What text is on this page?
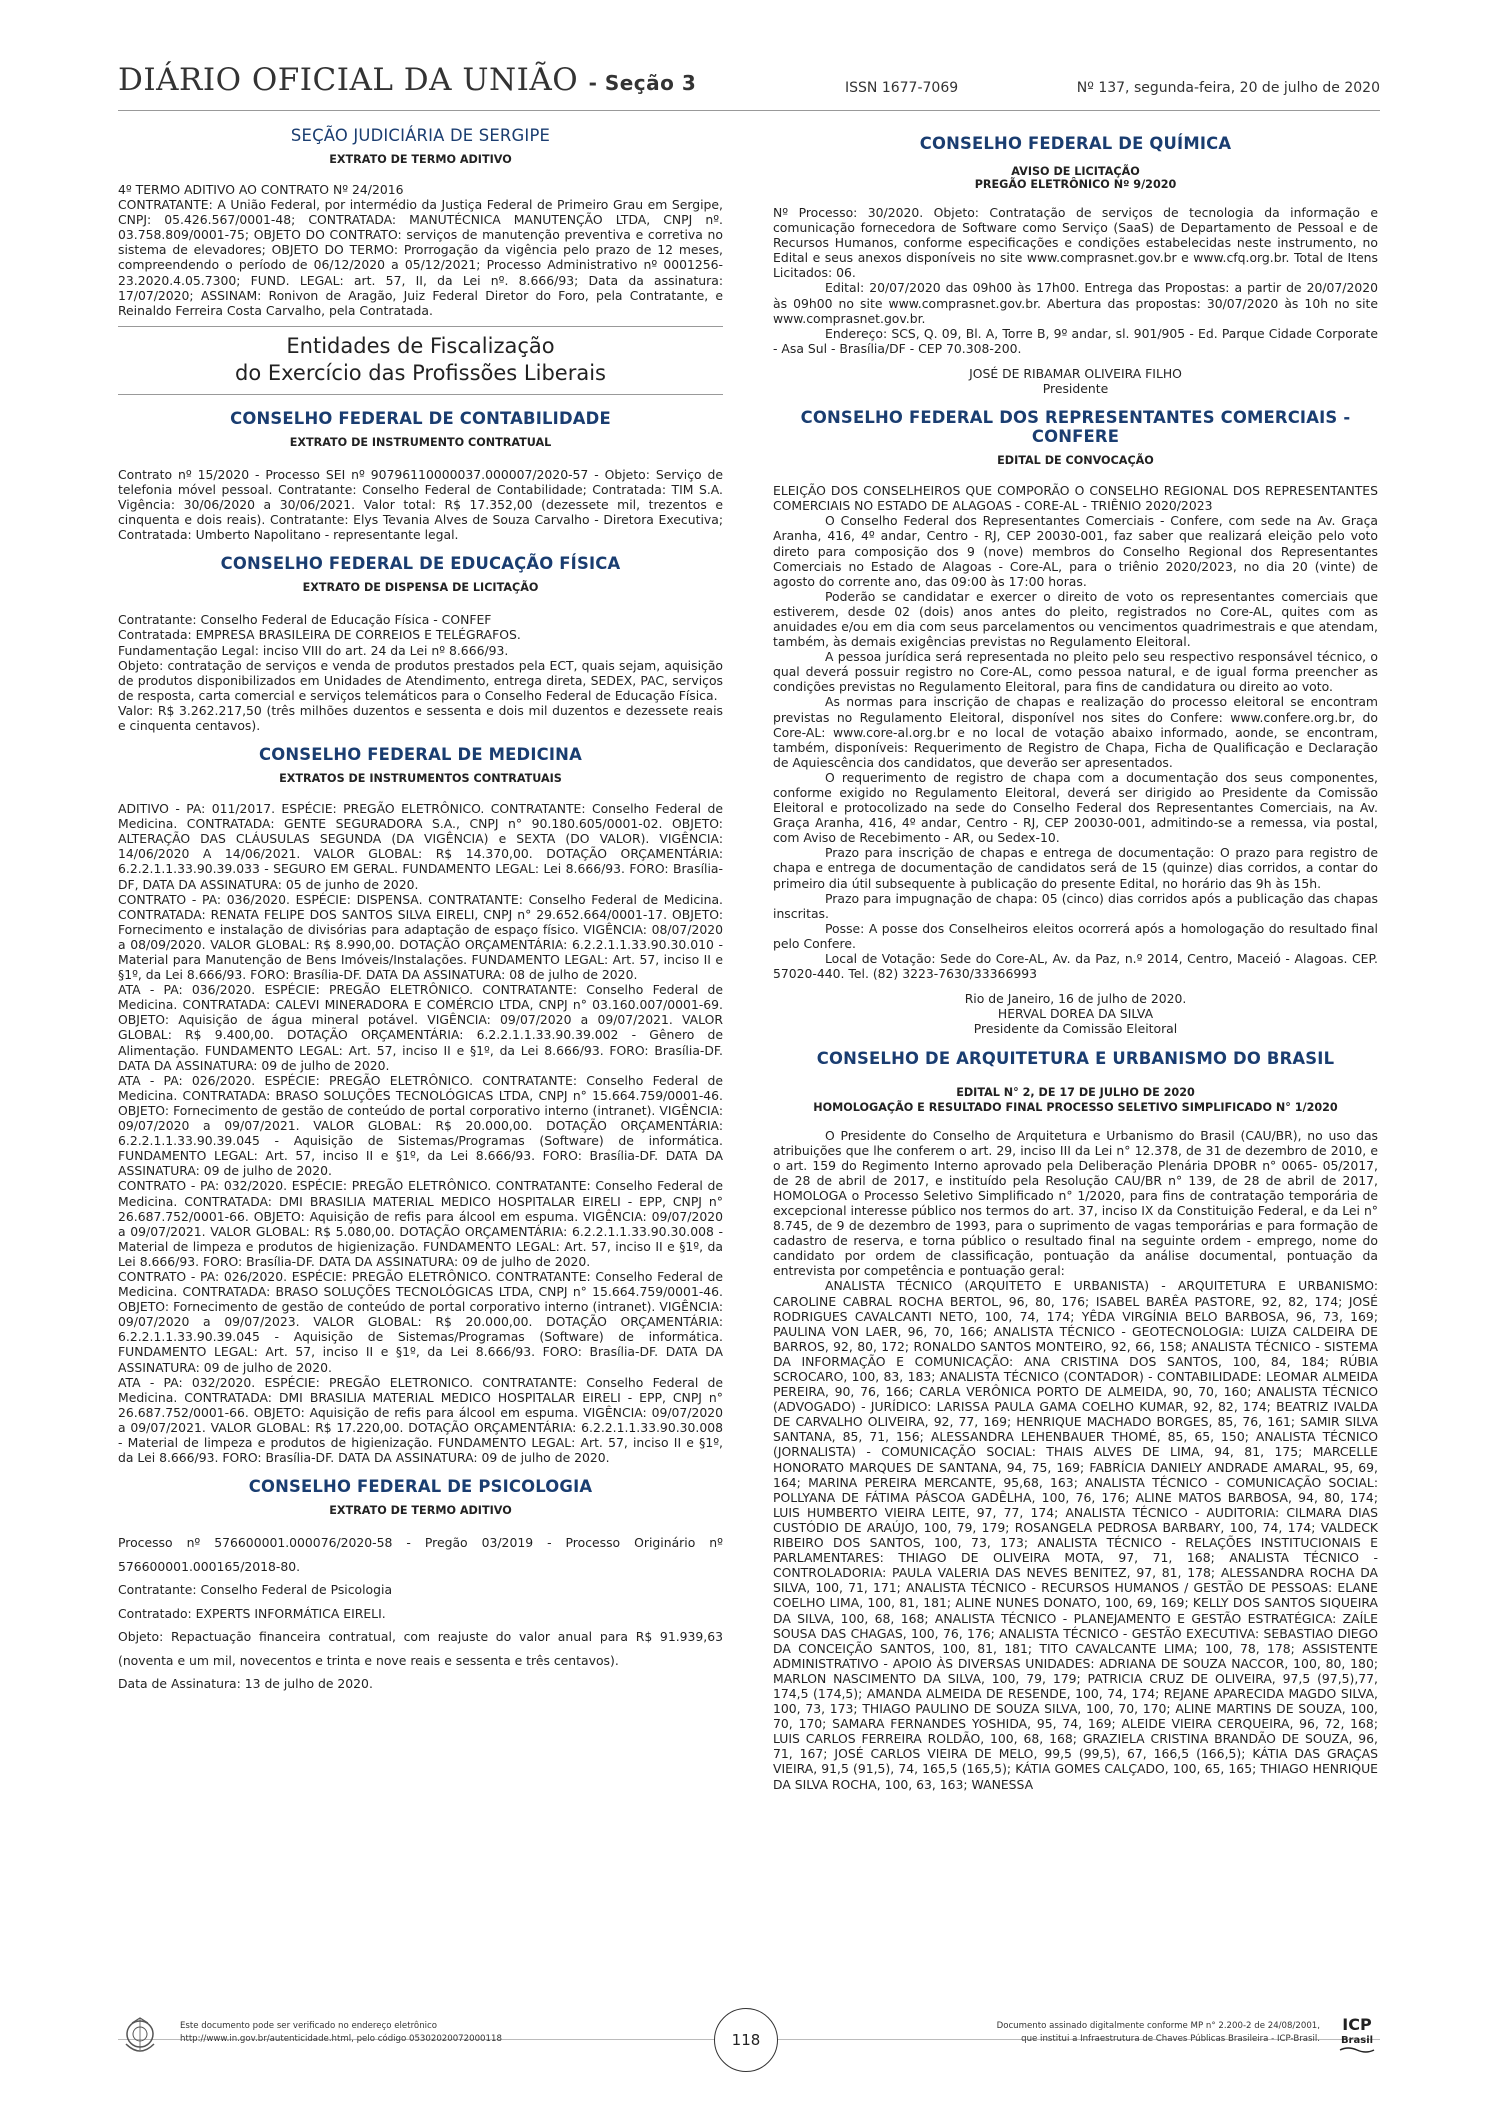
DIÁRIO OFICIAL DA UNIÃO - Seção 3	ISSN 1677-7069	Nº 137, segunda-feira, 20 de julho de 2020
SEÇÃO JUDICIÁRIA DE SERGIPE
EXTRATO DE TERMO ADITIVO

4º TERMO ADITIVO AO CONTRATO Nº 24/2016

CONTRATANTE: A União Federal, por intermédio da Justiça Federal de Primeiro Grau em Sergipe, CNPJ: 05.426.567/0001-48; CONTRATADA: MANUTÉCNICA MANUTENÇÃO LTDA, CNPJ nº. 03.758.809/0001-75; OBJETO DO CONTRATO: serviços de manutenção preventiva e corretiva no sistema de elevadores; OBJETO DO TERMO: Prorrogação da vigência pelo prazo de 12 meses, compreendendo o período de 06/12/2020 a 05/12/2021; Processo Administrativo nº 0001256-23.2020.4.05.7300; FUND. LEGAL: art. 57, II, da Lei nº. 8.666/93; Data da assinatura: 17/07/2020; ASSINAM: Ronivon de Aragão, Juiz Federal Diretor do Foro, pela Contratante, e Reinaldo Ferreira Costa Carvalho, pela Contratada.

Entidades de Fiscalização
do Exercício das Profissões Liberais
CONSELHO FEDERAL DE CONTABILIDADE
EXTRATO DE INSTRUMENTO CONTRATUAL

Contrato nº 15/2020 - Processo SEI nº 90796110000037.000007/2020-57 - Objeto: Serviço de telefonia móvel pessoal. Contratante: Conselho Federal de Contabilidade; Contratada: TIM S.A. Vigência: 30/06/2020 a 30/06/2021. Valor total: R$ 17.352,00 (dezessete mil, trezentos e cinquenta e dois reais). Contratante: Elys Tevania Alves de Souza Carvalho - Diretora Executiva; Contratada: Umberto Napolitano - representante legal.

CONSELHO FEDERAL DE EDUCAÇÃO FÍSICA
EXTRATO DE DISPENSA DE LICITAÇÃO

Contratante: Conselho Federal de Educação Física - CONFEF

Contratada: EMPRESA BRASILEIRA DE CORREIOS E TELÉGRAFOS.

Fundamentação Legal: inciso VIII do art. 24 da Lei nº 8.666/93.

Objeto: contratação de serviços e venda de produtos prestados pela ECT, quais sejam, aquisição de produtos disponibilizados em Unidades de Atendimento, entrega direta, SEDEX, PAC, serviços de resposta, carta comercial e serviços telemáticos para o Conselho Federal de Educação Física.

Valor: R$ 3.262.217,50 (três milhões duzentos e sessenta e dois mil duzentos e dezessete reais e cinquenta centavos).

CONSELHO FEDERAL DE MEDICINA
EXTRATOS DE INSTRUMENTOS CONTRATUAIS

ADITIVO - PA: 011/2017. ESPÉCIE: PREGÃO ELETRÔNICO. CONTRATANTE: Conselho Federal de Medicina. CONTRATADA: GENTE SEGURADORA S.A., CNPJ n° 90.180.605/0001-02. OBJETO: ALTERAÇÃO DAS CLÁUSULAS SEGUNDA (DA VIGÊNCIA) e SEXTA (DO VALOR). VIGÊNCIA: 14/06/2020 A 14/06/2021. VALOR GLOBAL: R$ 14.370,00. DOTAÇÃO ORÇAMENTÁRIA: 6.2.2.1.1.33.90.39.033 - SEGURO EM GERAL. FUNDAMENTO LEGAL: Lei 8.666/93. FORO: Brasília-DF, DATA DA ASSINATURA: 05 de junho de 2020.

CONTRATO - PA: 036/2020. ESPÉCIE: DISPENSA. CONTRATANTE: Conselho Federal de Medicina. CONTRATADA: RENATA FELIPE DOS SANTOS SILVA EIRELI, CNPJ n° 29.652.664/0001-17. OBJETO: Fornecimento e instalação de divisórias para adaptação de espaço físico. VIGÊNCIA: 08/07/2020 a 08/09/2020. VALOR GLOBAL: R$ 8.990,00. DOTAÇÃO ORÇAMENTÁRIA: 6.2.2.1.1.33.90.30.010 - Material para Manutenção de Bens Imóveis/Instalações. FUNDAMENTO LEGAL: Art. 57, inciso II e §1º, da Lei 8.666/93. FORO: Brasília-DF. DATA DA ASSINATURA: 08 de julho de 2020.

ATA - PA: 036/2020. ESPÉCIE: PREGÃO ELETRÔNICO. CONTRATANTE: Conselho Federal de Medicina. CONTRATADA: CALEVI MINERADORA E COMÉRCIO LTDA, CNPJ n° 03.160.007/0001-69. OBJETO: Aquisição de água mineral potável. VIGÊNCIA: 09/07/2020 a 09/07/2021. VALOR GLOBAL: R$ 9.400,00. DOTAÇÃO ORÇAMENTÁRIA: 6.2.2.1.1.33.90.39.002 - Gênero de Alimentação. FUNDAMENTO LEGAL: Art. 57, inciso II e §1º, da Lei 8.666/93. FORO: Brasília-DF. DATA DA ASSINATURA: 09 de julho de 2020.

ATA - PA: 026/2020. ESPÉCIE: PREGÃO ELETRÔNICO. CONTRATANTE: Conselho Federal de Medicina. CONTRATADA: BRASO SOLUÇÕES TECNOLÓGICAS LTDA, CNPJ n° 15.664.759/0001-46. OBJETO: Fornecimento de gestão de conteúdo de portal corporativo interno (intranet). VIGÊNCIA: 09/07/2020 a 09/07/2021. VALOR GLOBAL: R$ 20.000,00. DOTAÇÃO ORÇAMENTÁRIA: 6.2.2.1.1.33.90.39.045 - Aquisição de Sistemas/Programas (Software) de informática. FUNDAMENTO LEGAL: Art. 57, inciso II e §1º, da Lei 8.666/93. FORO: Brasília-DF. DATA DA ASSINATURA: 09 de julho de 2020.

CONTRATO - PA: 032/2020. ESPÉCIE: PREGÃO ELETRÔNICO. CONTRATANTE: Conselho Federal de Medicina. CONTRATADA: DMI BRASILIA MATERIAL MEDICO HOSPITALAR EIRELI - EPP, CNPJ n° 26.687.752/0001-66. OBJETO: Aquisição de refis para álcool em espuma. VIGÊNCIA: 09/07/2020 a 09/07/2021. VALOR GLOBAL: R$ 5.080,00. DOTAÇÃO ORÇAMENTÁRIA: 6.2.2.1.1.33.90.30.008 - Material de limpeza e produtos de higienização. FUNDAMENTO LEGAL: Art. 57, inciso II e §1º, da Lei 8.666/93. FORO: Brasília-DF. DATA DA ASSINATURA: 09 de julho de 2020.

CONTRATO - PA: 026/2020. ESPÉCIE: PREGÃO ELETRÔNICO. CONTRATANTE: Conselho Federal de Medicina. CONTRATADA: BRASO SOLUÇÕES TECNOLÓGICAS LTDA, CNPJ n° 15.664.759/0001-46. OBJETO: Fornecimento de gestão de conteúdo de portal corporativo interno (intranet). VIGÊNCIA: 09/07/2020 a 09/07/2023. VALOR GLOBAL: R$ 20.000,00. DOTAÇÃO ORÇAMENTÁRIA: 6.2.2.1.1.33.90.39.045 - Aquisição de Sistemas/Programas (Software) de informática. FUNDAMENTO LEGAL: Art. 57, inciso II e §1º, da Lei 8.666/93. FORO: Brasília-DF. DATA DA ASSINATURA: 09 de julho de 2020.

ATA - PA: 032/2020. ESPÉCIE: PREGÃO ELETRONICO. CONTRATANTE: Conselho Federal de Medicina. CONTRATADA: DMI BRASILIA MATERIAL MEDICO HOSPITALAR EIRELI - EPP, CNPJ n° 26.687.752/0001-66. OBJETO: Aquisição de refis para álcool em espuma. VIGÊNCIA: 09/07/2020 a 09/07/2021. VALOR GLOBAL: R$ 17.220,00. DOTAÇÃO ORÇAMENTÁRIA: 6.2.2.1.1.33.90.30.008 - Material de limpeza e produtos de higienização. FUNDAMENTO LEGAL: Art. 57, inciso II e §1º, da Lei 8.666/93. FORO: Brasília-DF. DATA DA ASSINATURA: 09 de julho de 2020.

CONSELHO FEDERAL DE PSICOLOGIA
EXTRATO DE TERMO ADITIVO

Processo nº 576600001.000076/2020-58 - Pregão 03/2019 - Processo Originário nº 576600001.000165/2018-80.

Contratante: Conselho Federal de Psicologia

Contratado: EXPERTS INFORMÁTICA EIRELI.

Objeto: Repactuação financeira contratual, com reajuste do valor anual para R$ 91.939,63 (noventa e um mil, novecentos e trinta e nove reais e sessenta e três centavos).

Data de Assinatura: 13 de julho de 2020.

CONSELHO FEDERAL DE QUÍMICA
AVISO DE LICITAÇÃO
PREGÃO ELETRÔNICO Nº 9/2020

Nº Processo: 30/2020. Objeto: Contratação de serviços de tecnologia da informação e comunicação fornecedora de Software como Serviço (SaaS) de Departamento de Pessoal e de Recursos Humanos, conforme especificações e condições estabelecidas neste instrumento, no Edital e seus anexos disponíveis no site www.comprasnet.gov.br e www.cfq.org.br. Total de Itens Licitados: 06.

Edital: 20/07/2020 das 09h00 às 17h00. Entrega das Propostas: a partir de 20/07/2020 às 09h00 no site www.comprasnet.gov.br. Abertura das propostas: 30/07/2020 às 10h no site www.comprasnet.gov.br.

Endereço: SCS, Q. 09, Bl. A, Torre B, 9º andar, sl. 901/905 - Ed. Parque Cidade Corporate - Asa Sul - Brasília/DF - CEP 70.308-200.

JOSÉ DE RIBAMAR OLIVEIRA FILHO
Presidente
CONSELHO FEDERAL DOS REPRESENTANTES COMERCIAIS - CONFERE
EDITAL DE CONVOCAÇÃO

ELEIÇÃO DOS CONSELHEIROS QUE COMPORÃO O CONSELHO REGIONAL DOS REPRESENTANTES COMERCIAIS NO ESTADO DE ALAGOAS - CORE-AL - TRIÊNIO 2020/2023

O Conselho Federal dos Representantes Comerciais - Confere, com sede na Av. Graça Aranha, 416, 4º andar, Centro - RJ, CEP 20030-001, faz saber que realizará eleição pelo voto direto para composição dos 9 (nove) membros do Conselho Regional dos Representantes Comerciais no Estado de Alagoas - Core-AL, para o triênio 2020/2023, no dia 20 (vinte) de agosto do corrente ano, das 09:00 às 17:00 horas.

Poderão se candidatar e exercer o direito de voto os representantes comerciais que estiverem, desde 02 (dois) anos antes do pleito, registrados no Core-AL, quites com as anuidades e/ou em dia com seus parcelamentos ou vencimentos quadrimestrais e que atendam, também, às demais exigências previstas no Regulamento Eleitoral.

A pessoa jurídica será representada no pleito pelo seu respectivo responsável técnico, o qual deverá possuir registro no Core-AL, como pessoa natural, e de igual forma preencher as condições previstas no Regulamento Eleitoral, para fins de candidatura ou direito ao voto.

As normas para inscrição de chapas e realização do processo eleitoral se encontram previstas no Regulamento Eleitoral, disponível nos sites do Confere: www.confere.org.br, do Core-AL: www.core-al.org.br e no local de votação abaixo informado, aonde, se encontram, também, disponíveis: Requerimento de Registro de Chapa, Ficha de Qualificação e Declaração de Aquiescência dos candidatos, que deverão ser apresentados.

O requerimento de registro de chapa com a documentação dos seus componentes, conforme exigido no Regulamento Eleitoral, deverá ser dirigido ao Presidente da Comissão Eleitoral e protocolizado na sede do Conselho Federal dos Representantes Comerciais, na Av. Graça Aranha, 416, 4º andar, Centro - RJ, CEP 20030-001, admitindo-se a remessa, via postal, com Aviso de Recebimento - AR, ou Sedex-10.

Prazo para inscrição de chapas e entrega de documentação: O prazo para registro de chapa e entrega de documentação de candidatos será de 15 (quinze) dias corridos, a contar do primeiro dia útil subsequente à publicação do presente Edital, no horário das 9h às 15h.

Prazo para impugnação de chapa: 05 (cinco) dias corridos após a publicação das chapas inscritas.

Posse: A posse dos Conselheiros eleitos ocorrerá após a homologação do resultado final pelo Confere.

Local de Votação: Sede do Core-AL, Av. da Paz, n.º 2014, Centro, Maceió - Alagoas. CEP. 57020-440. Tel. (82) 3223-7630/33366993

Rio de Janeiro, 16 de julho de 2020.
HERVAL DOREA DA SILVA
Presidente da Comissão Eleitoral
CONSELHO DE ARQUITETURA E URBANISMO DO BRASIL
EDITAL N° 2, DE 17 DE JULHO DE 2020
HOMOLOGAÇÃO E RESULTADO FINAL PROCESSO SELETIVO SIMPLIFICADO N° 1/2020

O Presidente do Conselho de Arquitetura e Urbanismo do Brasil (CAU/BR), no uso das atribuições que lhe conferem o art. 29, inciso III da Lei n° 12.378, de 31 de dezembro de 2010, e o art. 159 do Regimento Interno aprovado pela Deliberação Plenária DPOBR n° 0065- 05/2017, de 28 de abril de 2017, e instituído pela Resolução CAU/BR n° 139, de 28 de abril de 2017, HOMOLOGA o Processo Seletivo Simplificado n° 1/2020, para fins de contratação temporária de excepcional interesse público nos termos do art. 37, inciso IX da Constituição Federal, e da Lei n° 8.745, de 9 de dezembro de 1993, para o suprimento de vagas temporárias e para formação de cadastro de reserva, e torna público o resultado final na seguinte ordem - emprego, nome do candidato por ordem de classificação, pontuação da análise documental, pontuação da entrevista por competência e pontuação geral:

ANALISTA TÉCNICO (ARQUITETO E URBANISTA) - ARQUITETURA E URBANISMO: CAROLINE CABRAL ROCHA BERTOL, 96, 80, 176; ISABEL BARÊA PASTORE, 92, 82, 174; JOSÉ RODRIGUES CAVALCANTI NETO, 100, 74, 174; YÊDA VIRGÍNIA BELO BARBOSA, 96, 73, 169; PAULINA VON LAER, 96, 70, 166; ANALISTA TÉCNICO - GEOTECNOLOGIA: LUIZA CALDEIRA DE BARROS, 92, 80, 172; RONALDO SANTOS MONTEIRO, 92, 66, 158; ANALISTA TÉCNICO - SISTEMA DA INFORMAÇÃO E COMUNICAÇÃO: ANA CRISTINA DOS SANTOS, 100, 84, 184; RÚBIA SCROCARO, 100, 83, 183; ANALISTA TÉCNICO (CONTADOR) - CONTABILIDADE: LEOMAR ALMEIDA PEREIRA, 90, 76, 166; CARLA VERÔNICA PORTO DE ALMEIDA, 90, 70, 160; ANALISTA TÉCNICO (ADVOGADO) - JURÍDICO: LARISSA PAULA GAMA COELHO KUMAR, 92, 82, 174; BEATRIZ IVALDA DE CARVALHO OLIVEIRA, 92, 77, 169; HENRIQUE MACHADO BORGES, 85, 76, 161; SAMIR SILVA SANTANA, 85, 71, 156; ALESSANDRA LEHENBAUER THOMÉ, 85, 65, 150; ANALISTA TÉCNICO (JORNALISTA) - COMUNICAÇÃO SOCIAL: THAIS ALVES DE LIMA, 94, 81, 175; MARCELLE HONORATO MARQUES DE SANTANA, 94, 75, 169; FABRÍCIA DANIELY ANDRADE AMARAL, 95, 69, 164; MARINA PEREIRA MERCANTE, 95,68, 163; ANALISTA TÉCNICO - COMUNICAÇÃO SOCIAL: POLLYANA DE FÁTIMA PÁSCOA GADÊLHA, 100, 76, 176; ALINE MATOS BARBOSA, 94, 80, 174; LUIS HUMBERTO VIEIRA LEITE, 97, 77, 174; ANALISTA TÉCNICO - AUDITORIA: CILMARA DIAS CUSTÓDIO DE ARAÚJO, 100, 79, 179; ROSANGELA PEDROSA BARBARY, 100, 74, 174; VALDECK RIBEIRO DOS SANTOS, 100, 73, 173; ANALISTA TÉCNICO - RELAÇÕES INSTITUCIONAIS E PARLAMENTARES: THIAGO DE OLIVEIRA MOTA, 97, 71, 168; ANALISTA TÉCNICO - CONTROLADORIA: PAULA VALERIA DAS NEVES BENITEZ, 97, 81, 178; ALESSANDRA ROCHA DA SILVA, 100, 71, 171; ANALISTA TÉCNICO - RECURSOS HUMANOS / GESTÃO DE PESSOAS: ELANE COELHO LIMA, 100, 81, 181; ALINE NUNES DONATO, 100, 69, 169; KELLY DOS SANTOS SIQUEIRA DA SILVA, 100, 68, 168; ANALISTA TÉCNICO - PLANEJAMENTO E GESTÃO ESTRATÉGICA: ZAÍLE SOUSA DAS CHAGAS, 100, 76, 176; ANALISTA TÉCNICO - GESTÃO EXECUTIVA: SEBASTIAO DIEGO DA CONCEIÇÃO SANTOS, 100, 81, 181; TITO CAVALCANTE LIMA; 100, 78, 178; ASSISTENTE ADMINISTRATIVO - APOIO ÀS DIVERSAS UNIDADES: ADRIANA DE SOUZA NACCOR, 100, 80, 180; MARLON NASCIMENTO DA SILVA, 100, 79, 179; PATRICIA CRUZ DE OLIVEIRA, 97,5 (97,5),77, 174,5 (174,5); AMANDA ALMEIDA DE RESENDE, 100, 74, 174; REJANE APARECIDA MAGDO SILVA, 100, 73, 173; THIAGO PAULINO DE SOUZA SILVA, 100, 70, 170; ALINE MARTINS DE SOUZA, 100, 70, 170; SAMARA FERNANDES YOSHIDA, 95, 74, 169; ALEIDE VIEIRA CERQUEIRA, 96, 72, 168; LUIS CARLOS FERREIRA ROLDÃO, 100, 68, 168; GRAZIELA CRISTINA BRANDÃO DE SOUZA, 96, 71, 167; JOSÉ CARLOS VIEIRA DE MELO, 99,5 (99,5), 67, 166,5 (166,5); KÁTIA DAS GRAÇAS VIEIRA, 91,5 (91,5), 74, 165,5 (165,5); KÁTIA GOMES CALÇADO, 100, 65, 165; THIAGO HENRIQUE DA SILVA ROCHA, 100, 63, 163; WANESSA

Este documento pode ser verificado no endereço eletrônico
http://www.in.gov.br/autenticidade.html, pelo código 05302020072000118	118
Documento assinado digitalmente conforme MP n° 2.200-2 de 24/08/2001,
que institui a Infraestrutura de Chaves Públicas Brasileira - ICP-Brasil.
ICP
Brasil
